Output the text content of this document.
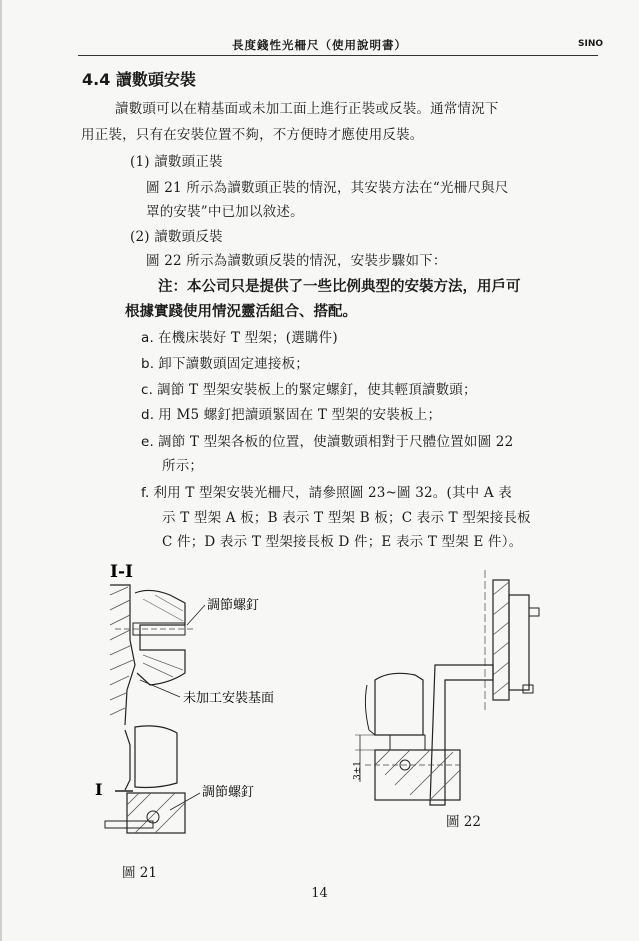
長度錢性光柵尺（使用說明書）	SINO
4.4 讀數頭安裝
讀數頭可以在精基面或未加工面上進行正裝或反裝。通常情況下
用正裝，只有在安裝位置不夠，不方便時才應使用反裝。
(1) 讀數頭正裝
圖 21 所示為讀數頭正裝的情況，其安裝方法在“光柵尺與尺
罩的安裝”中已加以敘述。
(2) 讀數頭反裝
圖 22 所示為讀數頭反裝的情況，安裝步驟如下：
注：本公司只是提供了一些比例典型的安裝方法，用戶可
根據實踐使用情況靈活組合、搭配。
a. 在機床裝好 T 型架；(選購件)
b. 卸下讀數頭固定連接板；
c. 調節 T 型架安裝板上的緊定螺釘，使其輕頂讀數頭；
d. 用 M5 螺釘把讀頭緊固在 T 型架的安裝板上；
e. 調節 T 型架各板的位置，使讀數頭相對于尺體位置如圖 22
所示；
f. 利用 T 型架安裝光柵尺，請參照圖 23~圖 32。(其中 A 表
示 T 型架 A 板；B 表示 T 型架 B 板；C 表示 T 型架接長板
C 件；D 表示 T 型架接長板 D 件；E 表示 T 型架 E 件）。
I-I
調節螺釘
未加工安裝基面
I	調節螺釘
圖 21
3±1
圖 22
14
